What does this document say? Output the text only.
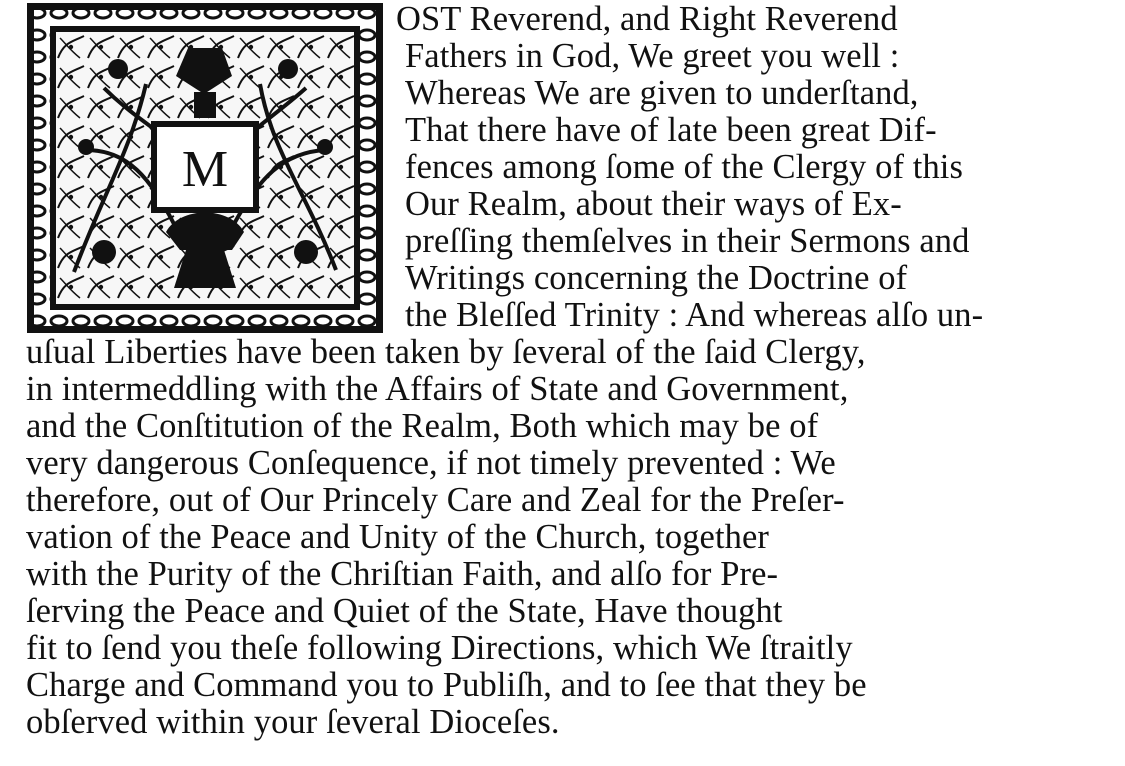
M
OST Reverend, and Right Reverend
Fathers in God, We greet you well :
Whereas We are given to underſtand,
That there have of late been great Dif-
fences among ſome of the Clergy of this
Our Realm, about their ways of Ex-
preſſing themſelves in their Sermons and
Writings concerning the Doctrine of
the Bleſſed Trinity : And whereas alſo un-
uſual Liberties have been taken by ſeveral of the ſaid Clergy,
in intermeddling with the Affairs of State and Government,
and the Conſtitution of the Realm, Both which may be of
very dangerous Conſequence, if not timely prevented : We
therefore, out of Our Princely Care and Zeal for the Preſer-
vation of the Peace and Unity of the Church, together
with the Purity of the Chriſtian Faith, and alſo for Pre-
ſerving the Peace and Quiet of the State, Have thought
fit to ſend you theſe following Directions, which We ſtraitly
Charge and Command you to Publiſh, and to ſee that they be
obſerved within your ſeveral Dioceſes.
